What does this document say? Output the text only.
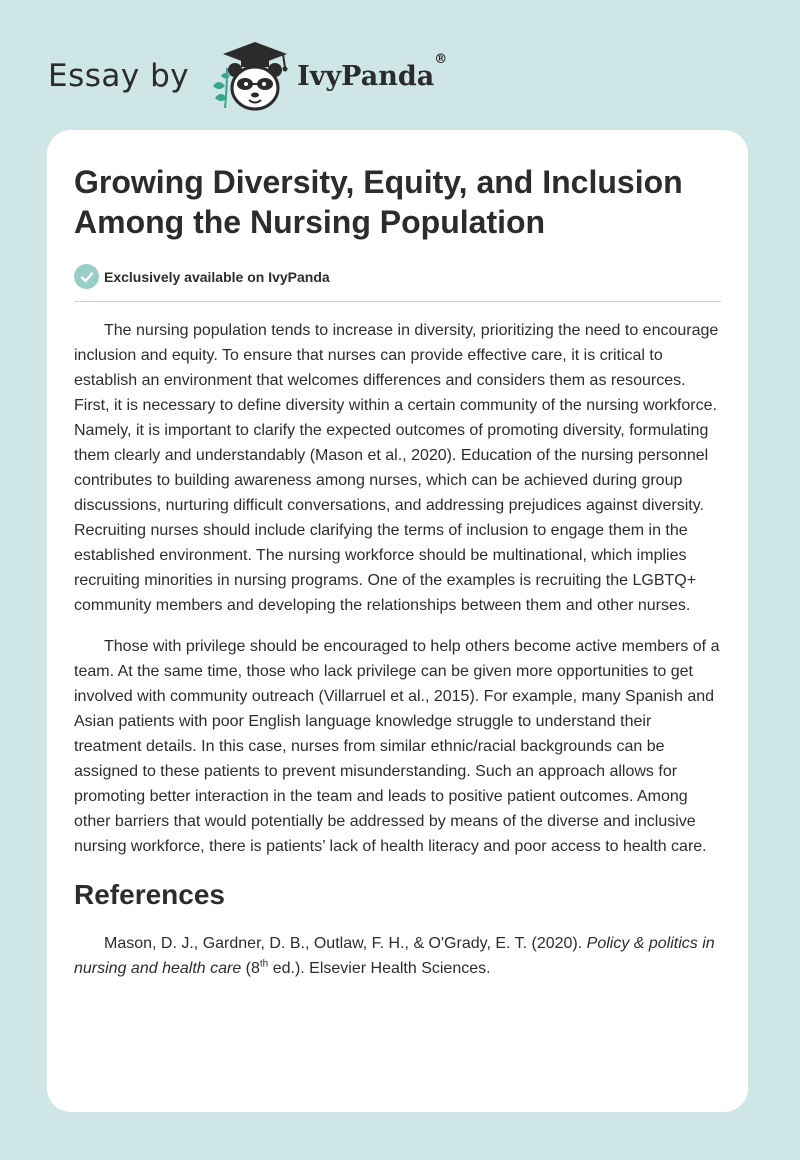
Essay by	IvyPanda®
Growing Diversity, Equity, and Inclusion Among the Nursing Population
Exclusively available on IvyPanda

The nursing population tends to increase in diversity, prioritizing the need to encourage inclusion and equity. To ensure that nurses can provide effective care, it is critical to establish an environment that welcomes differences and considers them as resources. First, it is necessary to define diversity within a certain community of the nursing workforce. Namely, it is important to clarify the expected outcomes of promoting diversity, formulating them clearly and understandably (Mason et al., 2020). Education of the nursing personnel contributes to building awareness among nurses, which can be achieved during group discussions, nurturing difficult conversations, and addressing prejudices against diversity. Recruiting nurses should include clarifying the terms of inclusion to engage them in the established environment. The nursing workforce should be multinational, which implies recruiting minorities in nursing programs. One of the examples is recruiting the LGBTQ+ community members and developing the relationships between them and other nurses.

Those with privilege should be encouraged to help others become active members of a team. At the same time, those who lack privilege can be given more opportunities to get involved with community outreach (Villarruel et al., 2015). For example, many Spanish and Asian patients with poor English language knowledge struggle to understand their treatment details. In this case, nurses from similar ethnic/racial backgrounds can be assigned to these patients to prevent misunderstanding. Such an approach allows for promoting better interaction in the team and leads to positive patient outcomes. Among other barriers that would potentially be addressed by means of the diverse and inclusive nursing workforce, there is patients’ lack of health literacy and poor access to health care.

References

Mason, D. J., Gardner, D. B., Outlaw, F. H., & O'Grady, E. T. (2020). Policy & politics in nursing and health care (8th ed.). Elsevier Health Sciences.
